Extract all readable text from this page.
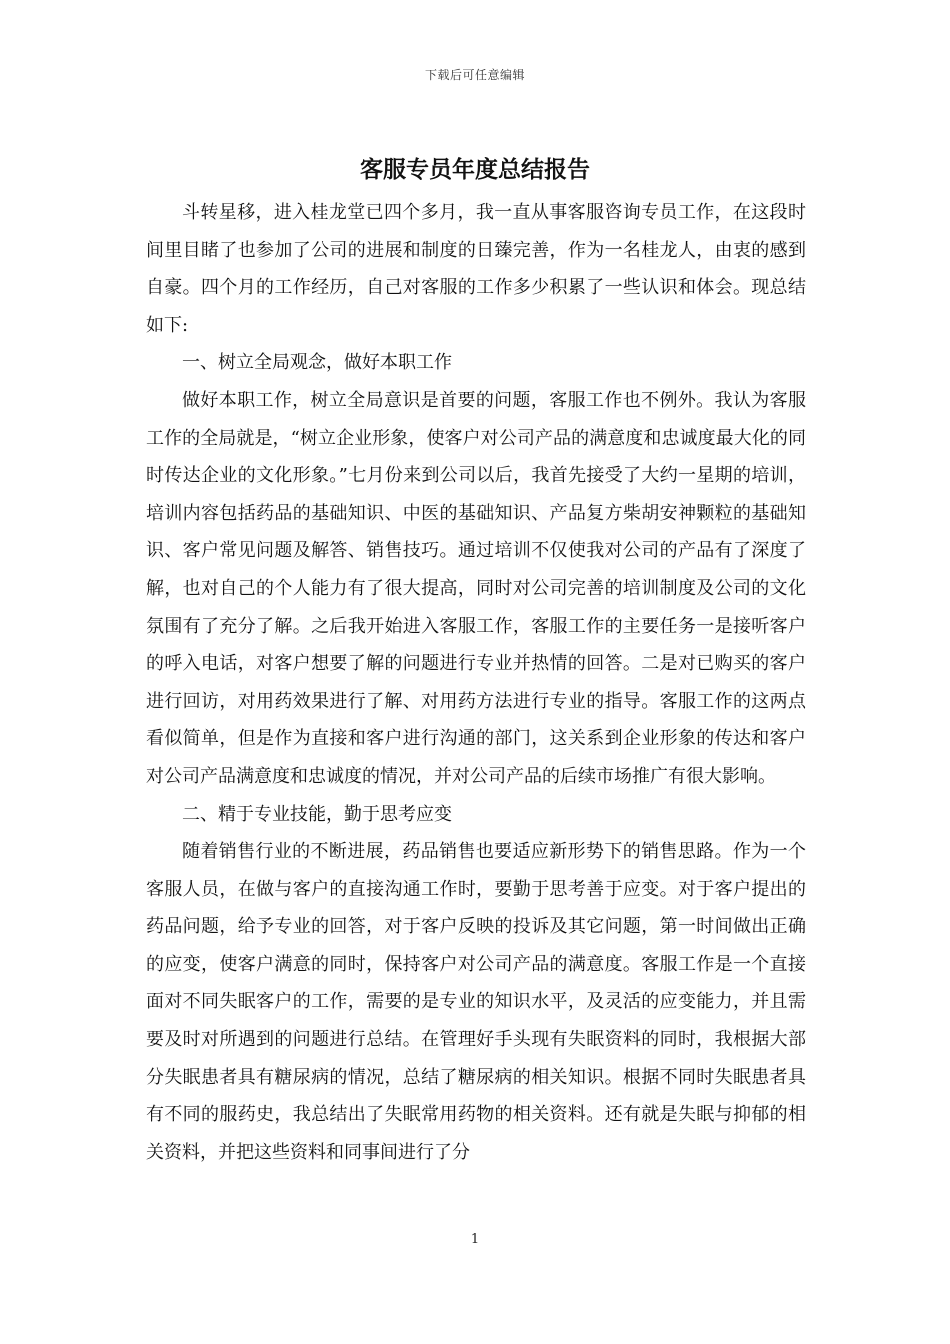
下载后可任意编辑
客服专员年度总结报告

斗转星移，进入桂龙堂已四个多月，我一直从事客服咨询专员工作，在这段时间里目睹了也参加了公司的进展和制度的日臻完善，作为一名桂龙人，由衷的感到自豪。四个月的工作经历，自己对客服的工作多少积累了一些认识和体会。现总结如下:

一、树立全局观念，做好本职工作

做好本职工作，树立全局意识是首要的问题，客服工作也不例外。我认为客服工作的全局就是，“树立企业形象，使客户对公司产品的满意度和忠诚度最大化的同时传达企业的文化形象。”七月份来到公司以后，我首先接受了大约一星期的培训，培训内容包括药品的基础知识、中医的基础知识、产品复方柴胡安神颗粒的基础知识、客户常见问题及解答、销售技巧。通过培训不仅使我对公司的产品有了深度了解，也对自己的个人能力有了很大提高，同时对公司完善的培训制度及公司的文化氛围有了充分了解。之后我开始进入客服工作，客服工作的主要任务一是接听客户的呼入电话，对客户想要了解的问题进行专业并热情的回答。二是对已购买的客户进行回访，对用药效果进行了解、对用药方法进行专业的指导。客服工作的这两点看似简单，但是作为直接和客户进行沟通的部门，这关系到企业形象的传达和客户对公司产品满意度和忠诚度的情况，并对公司产品的后续市场推广有很大影响。

二、精于专业技能，勤于思考应变

随着销售行业的不断进展，药品销售也要适应新形势下的销售思路。作为一个客服人员，在做与客户的直接沟通工作时，要勤于思考善于应变。对于客户提出的药品问题，给予专业的回答，对于客户反映的投诉及其它问题，第一时间做出正确的应变，使客户满意的同时，保持客户对公司产品的满意度。客服工作是一个直接面对不同失眠客户的工作，需要的是专业的知识水平，及灵活的应变能力，并且需要及时对所遇到的问题进行总结。在管理好手头现有失眠资料的同时，我根据大部分失眠患者具有糖尿病的情况，总结了糖尿病的相关知识。根据不同时失眠患者具有不同的服药史，我总结出了失眠常用药物的相关资料。还有就是失眠与抑郁的相关资料，并把这些资料和同事间进行了分

1
